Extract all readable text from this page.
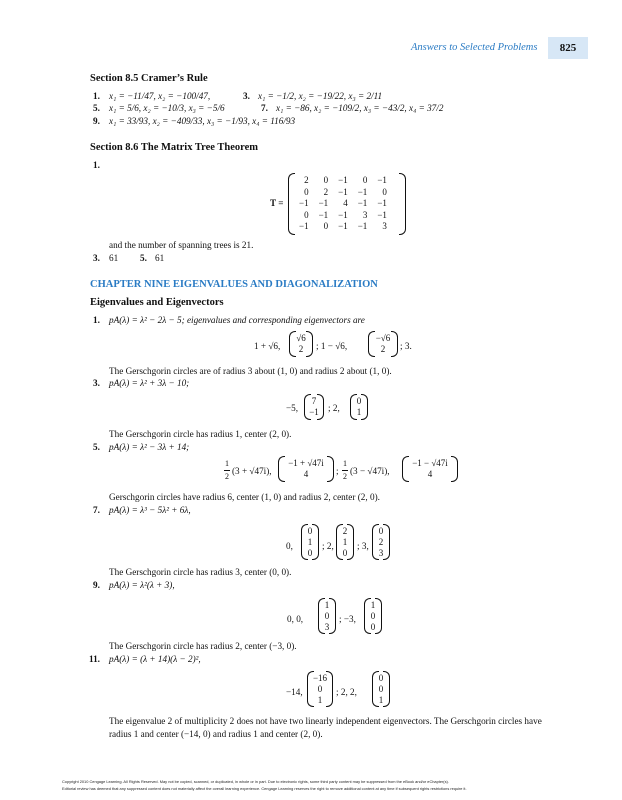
Answers to Selected Problems	825
Section 8.5 Cramer’s Rule
1. x₁ = −11/47, x₂ = −100/47,	3. x₁ = −1/2, x₂ = −19/22, x₃ = 2/11
5. x₁ = 5/6, x₂ = −10/3, x₃ = −5/6	7. x₁ = −86, x₂ = −109/2, x₃ = −43/2, x₄ = 37/2
9. x₁ = 33/93, x₂ = −409/33, x₃ = −1/93, x₄ = 116/93
Section 8.6 The Matrix Tree Theorem
1.
T =
2	0	−1	0	−1
0	2	−1	−1	0
−1	−1	4	−1	−1
0	−1	−1	3	−1
−1	0	−1	−1	3
and the number of spanning trees is 21.
3. 61 5. 61
CHAPTER NINE EIGENVALUES AND DIAGONALIZATION
Eigenvalues and Eigenvectors
1. pA(λ) = λ² − 2λ − 5; eigenvalues and corresponding eigenvectors are
1 + √6,
√6
2	; 1 − √6,
−√6
2	; 3.
The Gerschgorin circles are of radius 3 about (1, 0) and radius 2 about (1, 0).
3. pA(λ) = λ² + 3λ − 10;
−5,
7
−1	; 2,
0
1
The Gerschgorin circle has radius 1, center (2, 0).
5. pA(λ) = λ² − 3λ + 14;
1
2
(3 + √47i),
−1 + √47i
4	;
1
2
(3 − √47i),
−1 − √47i
4
Gerschgorin circles have radius 6, center (1, 0) and radius 2, center (2, 0).
7. pA(λ) = λ³ − 5λ² + 6λ,
0,
0
1
0
; 2,
2
1
0
; 3,
0
2
3
The Gerschgorin circle has radius 3, center (0, 0).
9. pA(λ) = λ²(λ + 3),
0, 0,
1
0
3
; −3,
1
0
0
The Gerschgorin circle has radius 2, center (−3, 0).
11. pA(λ) = (λ + 14)(λ − 2)²,
−14,
−16
0
1
; 2, 2,
0
0
1
The eigenvalue 2 of multiplicity 2 does not have two linearly independent eigenvectors. The Gerschgorin circles have
radius 1 and center (−14, 0) and radius 1 and center (2, 0).
Copyright 2010 Cengage Learning. All Rights Reserved. May not be copied, scanned, or duplicated, in whole or in part. Due to electronic rights, some third party content may be suppressed from the eBook and/or eChapter(s).
Editorial review has deemed that any suppressed content does not materially affect the overall learning experience. Cengage Learning reserves the right to remove additional content at any time if subsequent rights restrictions require it.
